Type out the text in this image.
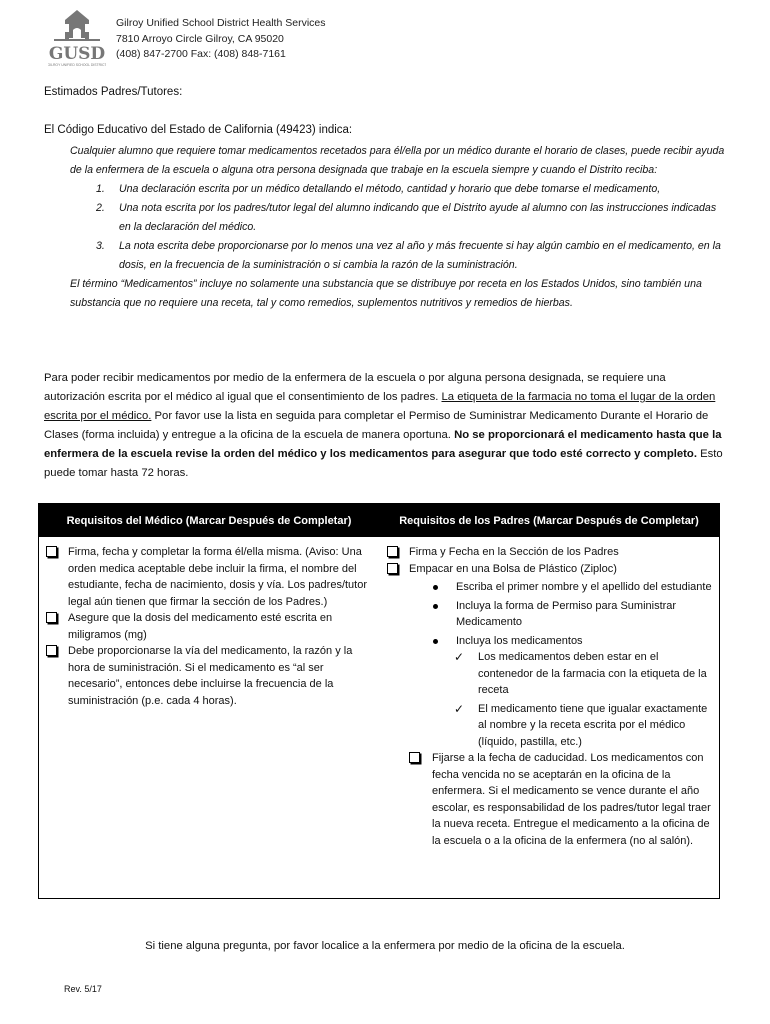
GUSD
GILROY UNIFIED SCHOOL DISTRICT
Gilroy Unified School District Health Services
7810 Arroyo Circle Gilroy, CA 95020
(408) 847-2700 Fax: (408) 848-7161
Estimados Padres/Tutores:
El Código Educativo del Estado de California (49423) indica:
Cualquier alumno que requiere tomar medicamentos recetados para él/ella por un médico durante el horario de clases, puede recibir ayuda de la enfermera de la escuela o alguna otra persona designada que trabaje en la escuela siempre y cuando el Distrito reciba:
1. Una declaración escrita por un médico detallando el método, cantidad y horario que debe tomarse el medicamento,
2. Una nota escrita por los padres/tutor legal del alumno indicando que el Distrito ayude al alumno con las instrucciones indicadas en la declaración del médico.
3. La nota escrita debe proporcionarse por lo menos una vez al año y más frecuente si hay algún cambio en el medicamento, en la dosis, en la frecuencia de la suministración o si cambia la razón de la suministración.
El término “Medicamentos” incluye no solamente una substancia que se distribuye por receta en los Estados Unidos, sino también una substancia que no requiere una receta, tal y como remedios, suplementos nutritivos y remedios de hierbas.
Para poder recibir medicamentos por medio de la enfermera de la escuela o por alguna persona designada, se requiere una autorización escrita por el médico al igual que el consentimiento de los padres. La etiqueta de la farmacia no toma el lugar de la orden escrita por el médico. Por favor use la lista en seguida para completar el Permiso de Suministrar Medicamento Durante el Horario de Clases (forma incluida) y entregue a la oficina de la escuela de manera oportuna. No se proporcionará el medicamento hasta que la enfermera de la escuela revise la orden del médico y los medicamentos para asegurar que todo esté correcto y completo. Esto puede tomar hasta 72 horas.
Requisitos del Médico (Marcar Después de Completar)	Requisitos de los Padres (Marcar Después de Completar)
Firma, fecha y completar la forma él/ella misma. (Aviso: Una orden medica aceptable debe incluir la firma, el nombre del estudiante, fecha de nacimiento, dosis y vía. Los padres/tutor legal aún tienen que firmar la sección de los Padres.)
Asegure que la dosis del medicamento esté escrita en miligramos (mg)
Debe proporcionarse la vía del medicamento, la razón y la hora de suministración. Si el medicamento es “al ser necesario”, entonces debe incluirse la frecuencia de la suministración (p.e. cada 4 horas).
Firma y Fecha en la Sección de los Padres
Empacar en una Bolsa de Plástico (Ziploc)
Escriba el primer nombre y el apellido del estudiante
Incluya la forma de Permiso para Suministrar Medicamento
Incluya los medicamentos
✓ Los medicamentos deben estar en el contenedor de la farmacia con la etiqueta de la receta
✓ El medicamento tiene que igualar exactamente al nombre y la receta escrita por el médico (líquido, pastilla, etc.)
Fijarse a la fecha de caducidad. Los medicamentos con fecha vencida no se aceptarán en la oficina de la enfermera. Si el medicamento se vence durante el año escolar, es responsabilidad de los padres/tutor legal traer la nueva receta. Entregue el medicamento a la oficina de la escuela o a la oficina de la enfermera (no al salón).
Si tiene alguna pregunta, por favor localice a la enfermera por medio de la oficina de la escuela.
Rev. 5/17
